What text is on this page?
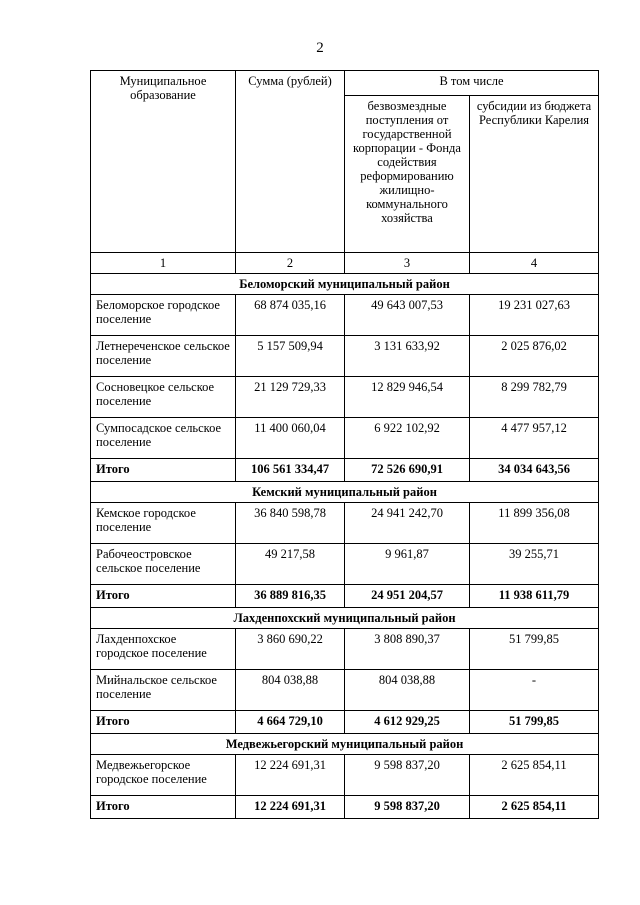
2
Муниципальное образование	Сумма (рублей)	В том числе	
		безвозмездные поступления от государственной корпорации - Фонда содействия реформированию жилищно-коммунального хозяйства	субсидии из бюджета Республики Карелия
1	2	3	4
Беломорский муниципальный район			
Беломорское городское поселение	68 874 035,16	49 643 007,53	19 231 027,63
Летнереченское сельское поселение	5 157 509,94	3 131 633,92	2 025 876,02
Сосновецкое сельское поселение	21 129 729,33	12 829 946,54	8 299 782,79
Сумпосадское сельское поселение	11 400 060,04	6 922 102,92	4 477 957,12
Итого	106 561 334,47	72 526 690,91	34 034 643,56
Кемский муниципальный район			
Кемское городское поселение	36 840 598,78	24 941 242,70	11 899 356,08
Рабочеостровское сельское поселение	49 217,58	9 961,87	39 255,71
Итого	36 889 816,35	24 951 204,57	11 938 611,79
Лахденпохский муниципальный район			
Лахденпохское городское поселение	3 860 690,22	3 808 890,37	51 799,85
Мийнальское сельское поселение	804 038,88	804 038,88	-
Итого	4 664 729,10	4 612 929,25	51 799,85
Медвежьегорский муниципальный район			
Медвежьегорское городское поселение	12 224 691,31	9 598 837,20	2 625 854,11
Итого	12 224 691,31	9 598 837,20	2 625 854,11
